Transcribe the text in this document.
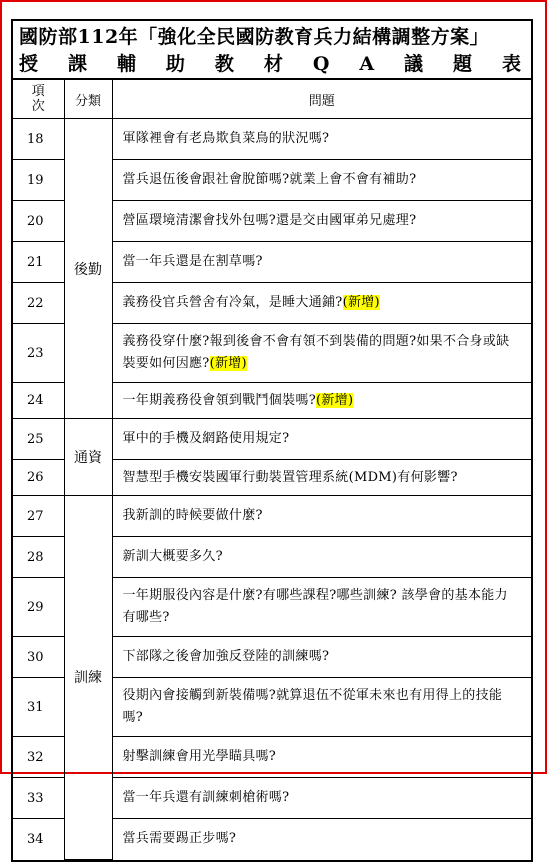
國防部112年「強化全民國防教育兵力結構調整方案」
授 課 輔 助 教 材 Q A 議 題 表
項
次	分類	問題
18	後勤	軍隊裡會有老鳥欺負菜鳥的狀況嗎?
19		當兵退伍後會跟社會脫節嗎?就業上會不會有補助?
20		營區環境清潔會找外包嗎?還是交由國軍弟兄處理?
21		當一年兵還是在割草嗎?
22		義務役官兵營舍有冷氣，是睡大通鋪?(新增)
23		義務役穿什麼?報到後會不會有領不到裝備的問題?如果不合身或缺裝要如何因應?(新增)
24		一年期義務役會領到戰鬥個裝嗎?(新增)
25	通資	軍中的手機及網路使用規定?
26		智慧型手機安裝國軍行動裝置管理系統(MDM)有何影響?
27	訓練	我新訓的時候要做什麼?
28		新訓大概要多久?
29		一年期服役內容是什麼?有哪些課程?哪些訓練? 該學會的基本能力有哪些?
30		下部隊之後會加強反登陸的訓練嗎?
31		役期內會接觸到新裝備嗎?就算退伍不從軍未來也有用得上的技能嗎?
32		射擊訓練會用光學瞄具嗎?
33		當一年兵還有訓練刺槍術嗎?
34		當兵需要踢正步嗎?
